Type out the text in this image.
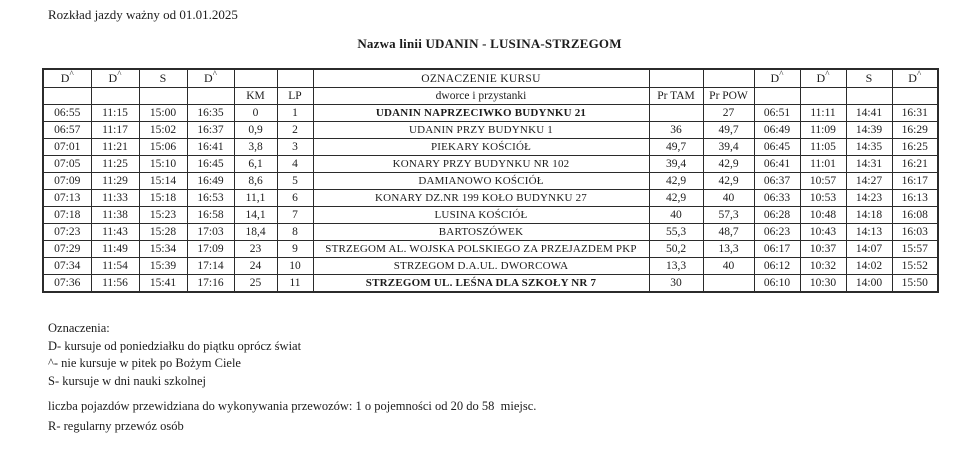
Rozkład jazdy ważny od 01.01.2025
Nazwa linii UDANIN - LUSINA-STRZEGOM
D^	D^	S	D^			OZNACZENIE KURSU			D^	D^	S	D^
				KM	LP	dworce i przystanki	Pr TAM	Pr POW				
06:55	11:15	15:00	16:35	0	1	UDANIN NAPRZECIWKO BUDYNKU 21		27	06:51	11:11	14:41	16:31
06:57	11:17	15:02	16:37	0,9	2	UDANIN PRZY BUDYNKU 1	36	49,7	06:49	11:09	14:39	16:29
07:01	11:21	15:06	16:41	3,8	3	PIEKARY KOŚCIÓŁ	49,7	39,4	06:45	11:05	14:35	16:25
07:05	11:25	15:10	16:45	6,1	4	KONARY PRZY BUDYNKU NR 102	39,4	42,9	06:41	11:01	14:31	16:21
07:09	11:29	15:14	16:49	8,6	5	DAMIANOWO KOŚCIÓŁ	42,9	42,9	06:37	10:57	14:27	16:17
07:13	11:33	15:18	16:53	11,1	6	KONARY DZ.NR 199 KOŁO BUDYNKU 27	42,9	40	06:33	10:53	14:23	16:13
07:18	11:38	15:23	16:58	14,1	7	LUSINA KOŚCIÓŁ	40	57,3	06:28	10:48	14:18	16:08
07:23	11:43	15:28	17:03	18,4	8	BARTOSZÓWEK	55,3	48,7	06:23	10:43	14:13	16:03
07:29	11:49	15:34	17:09	23	9	STRZEGOM AL. WOJSKA POLSKIEGO ZA PRZEJAZDEM PKP	50,2	13,3	06:17	10:37	14:07	15:57
07:34	11:54	15:39	17:14	24	10	STRZEGOM D.A.UL. DWORCOWA	13,3	40	06:12	10:32	14:02	15:52
07:36	11:56	15:41	17:16	25	11	STRZEGOM UL. LEŚNA DLA SZKOŁY NR 7	30		06:10	10:30	14:00	15:50
Oznaczenia:
D- kursuje od poniedziałku do piątku oprócz świat
^- nie kursuje w pitek po Bożym Ciele
S- kursuje w dni nauki szkolnej
liczba pojazdów przewidziana do wykonywania przewozów: 1 o pojemności od 20 do 58  miejsc.
R- regularny przewóz osób
